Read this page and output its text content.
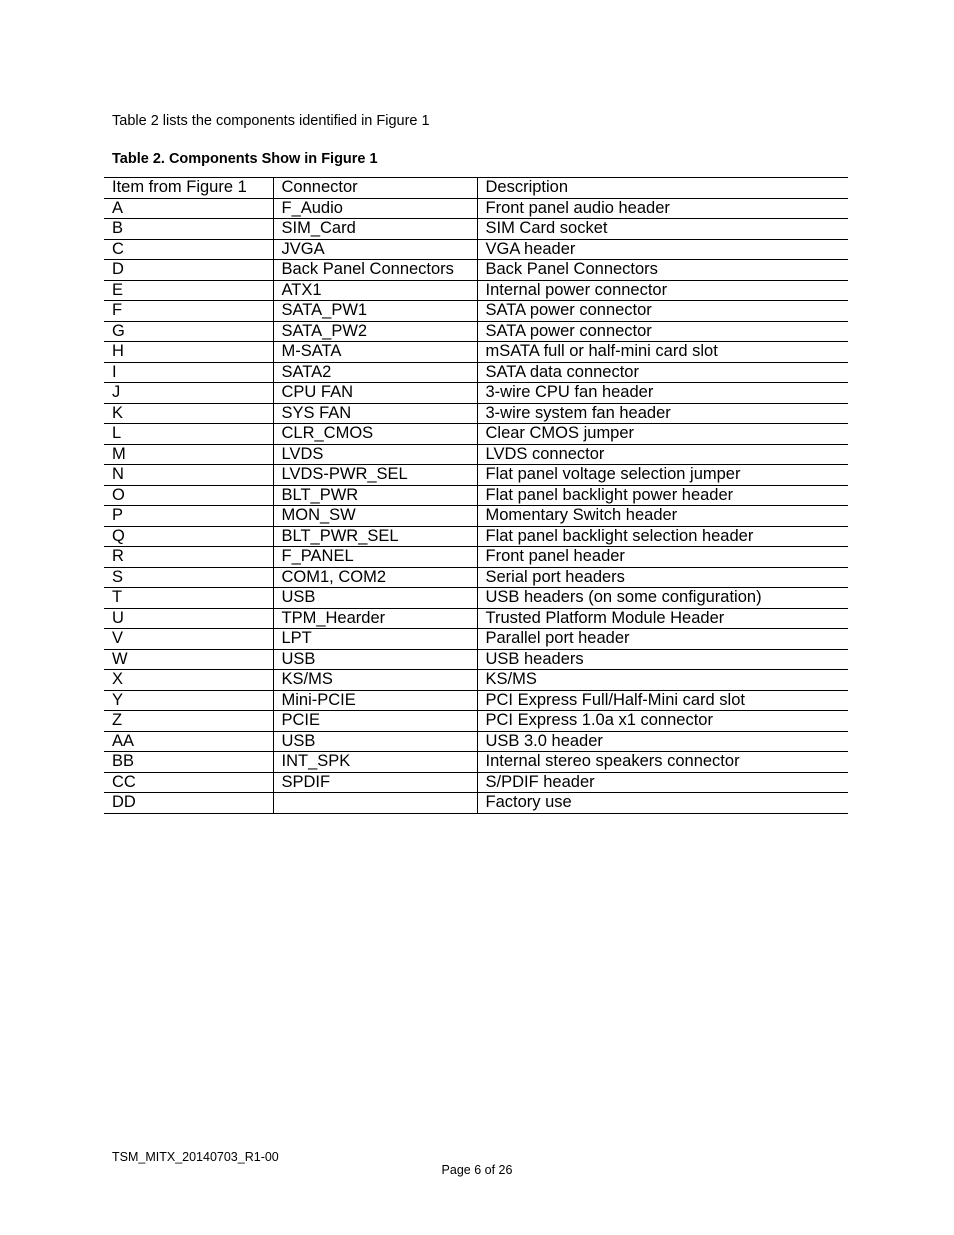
Table 2 lists the components identified in Figure 1

Table 2. Components Show in Figure 1

Item from Figure 1	Connector	Description
A	F_Audio	Front panel audio header
B	SIM_Card	SIM Card socket
C	JVGA	VGA header
D	Back Panel Connectors	Back Panel Connectors
E	ATX1	Internal power connector
F	SATA_PW1	SATA power connector
G	SATA_PW2	SATA power connector
H	M-SATA	mSATA full or half-mini card slot
I	SATA2	SATA data connector
J	CPU FAN	3-wire CPU fan header
K	SYS FAN	3-wire system fan header
L	CLR_CMOS	Clear CMOS jumper
M	LVDS	LVDS connector
N	LVDS-PWR_SEL	Flat panel voltage selection jumper
O	BLT_PWR	Flat panel backlight power header
P	MON_SW	Momentary Switch header
Q	BLT_PWR_SEL	Flat panel backlight selection header
R	F_PANEL	Front panel header
S	COM1, COM2	Serial port headers
T	USB	USB headers (on some configuration)
U	TPM_Hearder	Trusted Platform Module Header
V	LPT	Parallel port header
W	USB	USB headers
X	KS/MS	KS/MS
Y	Mini-PCIE	PCI Express Full/Half-Mini card slot
Z	PCIE	PCI Express 1.0a x1 connector
AA	USB	USB 3.0 header
BB	INT_SPK	Internal stereo speakers connector
CC	SPDIF	S/PDIF header
DD		Factory use

TSM_MITX_20140703_R1-00

Page 6 of 26
